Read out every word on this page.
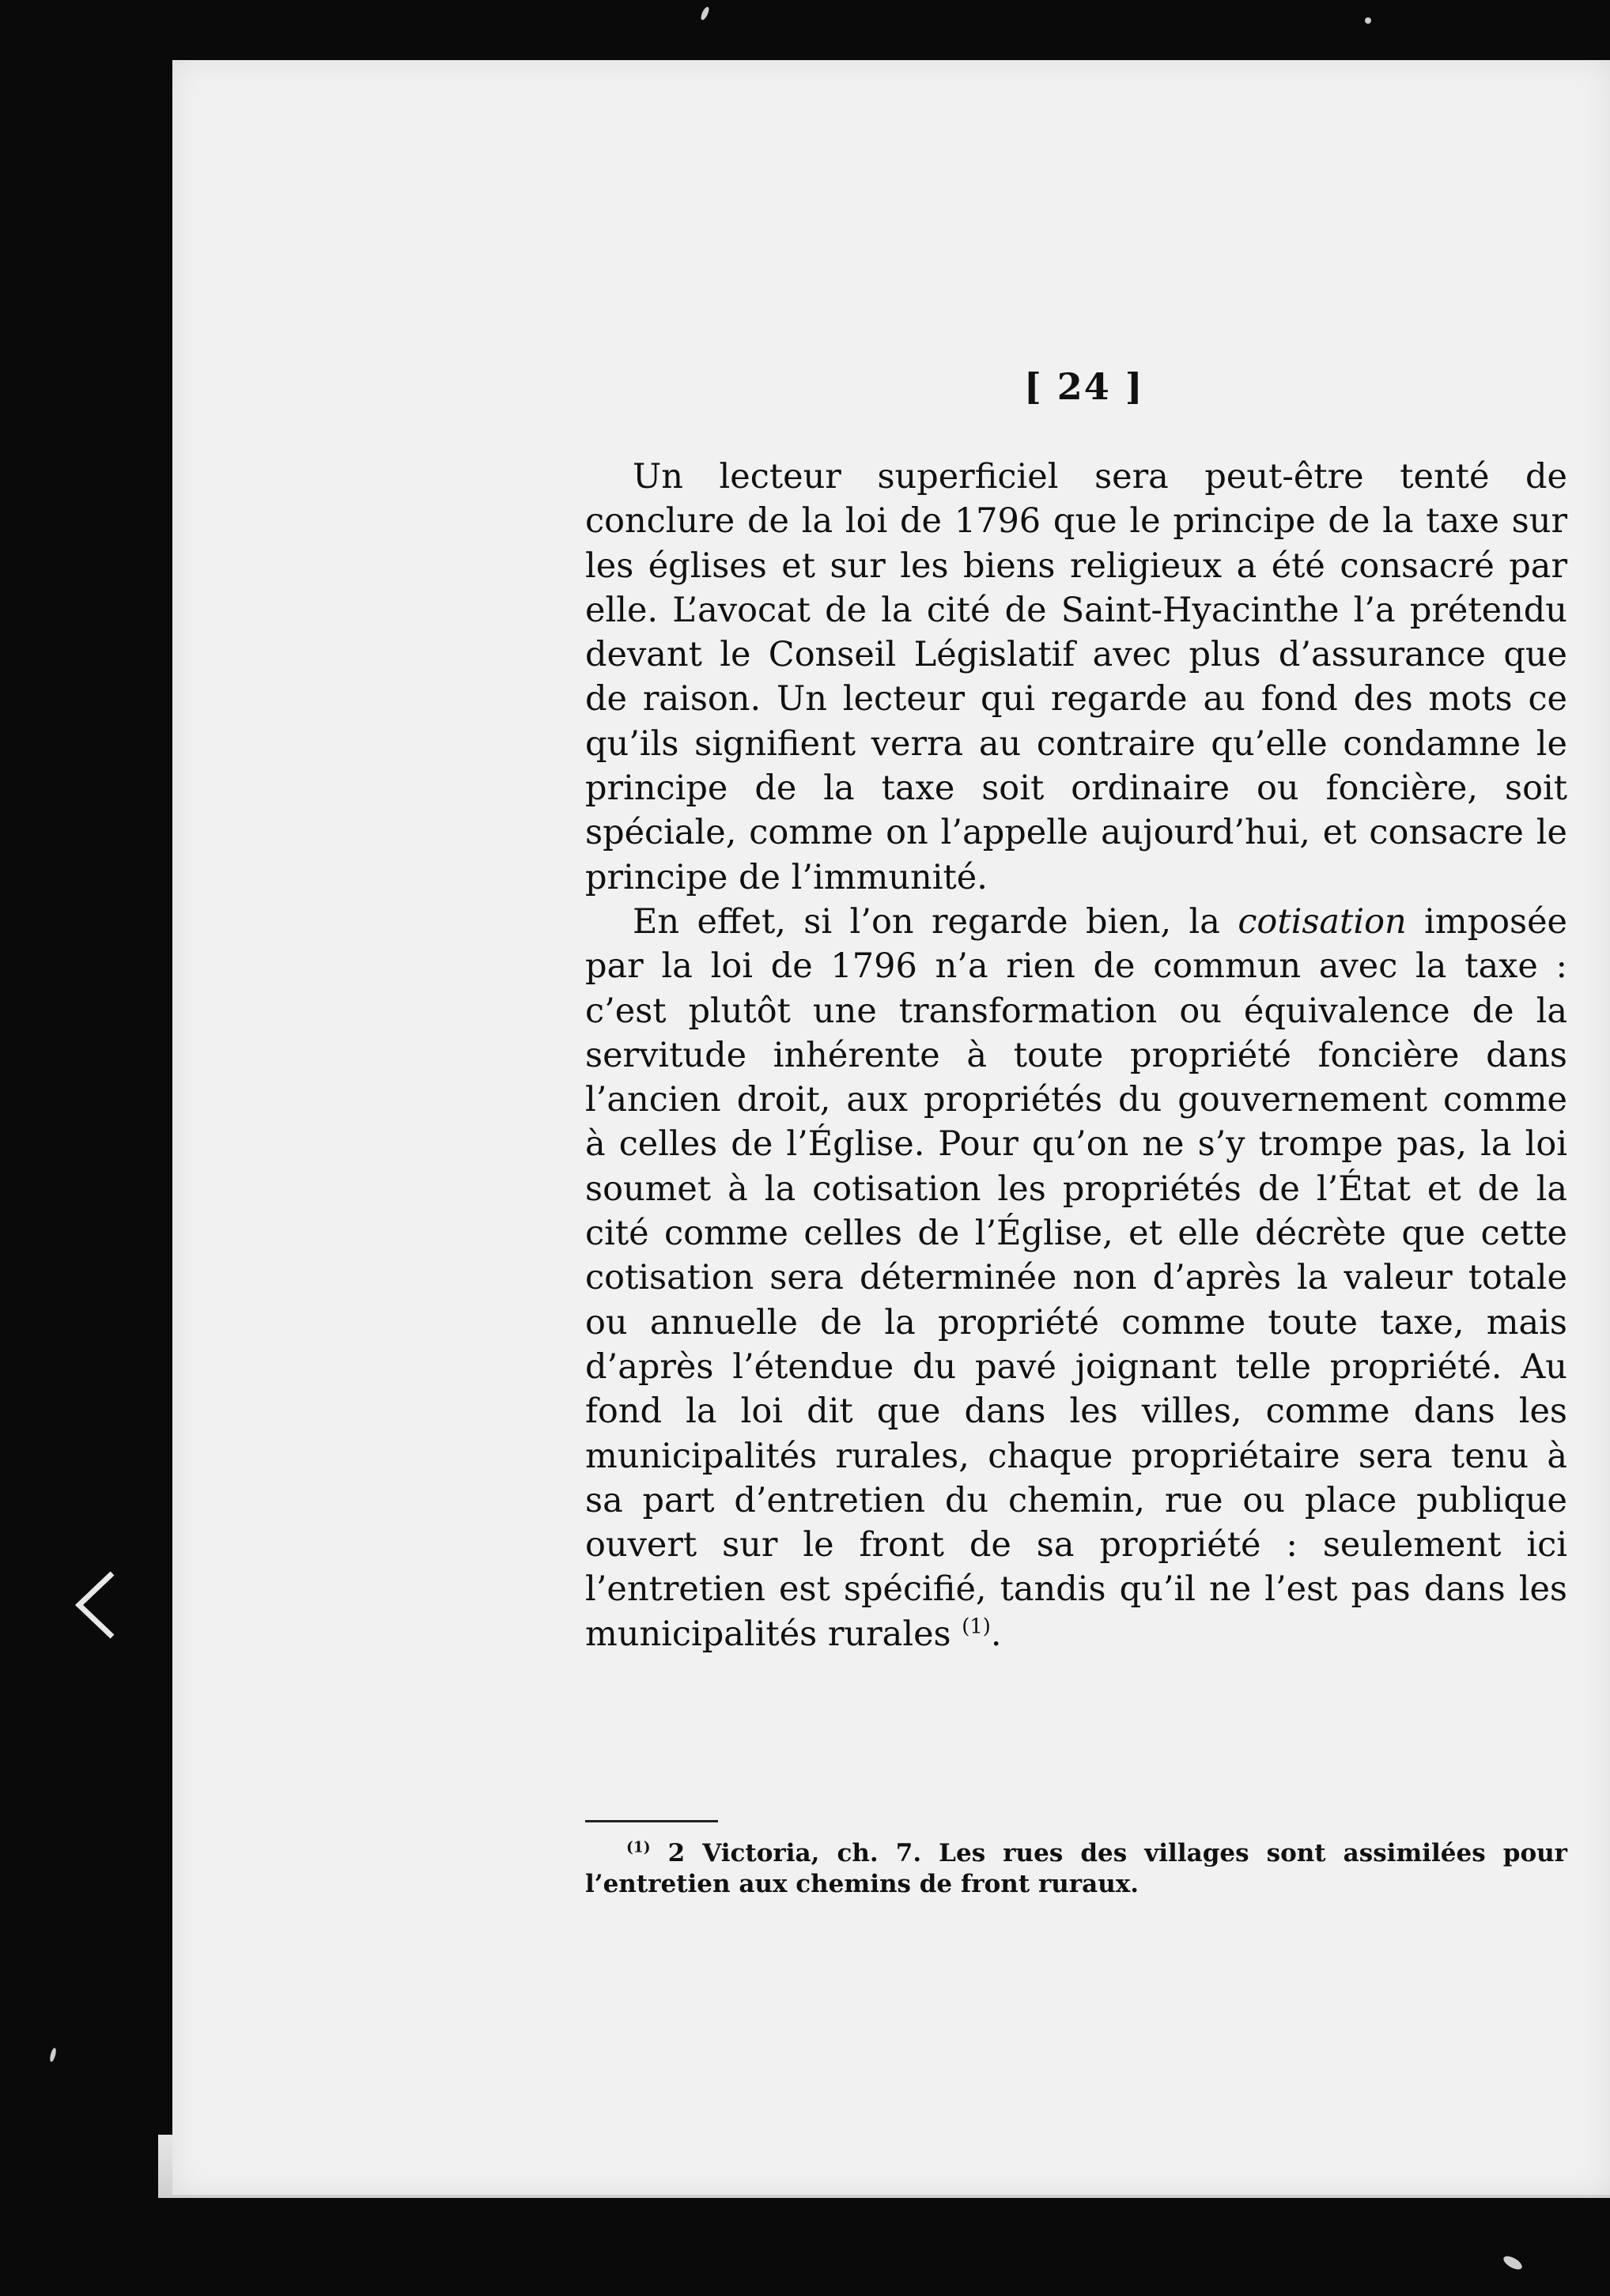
[ 24 ]

Un lecteur superficiel sera peut-être tenté de conclure de la loi de 1796 que le principe de la taxe sur les églises et sur les biens religieux a été consacré par elle. L’avocat de la cité de Saint-Hyacinthe l’a prétendu devant le Conseil Législatif avec plus d’assurance que de raison. Un lecteur qui regarde au fond des mots ce qu’ils signifient verra au contraire qu’elle condamne le principe de la taxe soit ordinaire ou foncière, soit spéciale, comme on l’appelle aujourd’hui, et consacre le principe de l’immunité.

En effet, si l’on regarde bien, la cotisation imposée par la loi de 1796 n’a rien de commun avec la taxe : c’est plutôt une transformation ou équivalence de la servitude inhérente à toute propriété foncière dans l’ancien droit, aux propriétés du gouvernement comme à celles de l’Église. Pour qu’on ne s’y trompe pas, la loi soumet à la cotisation les propriétés de l’État et de la cité comme celles de l’Église, et elle décrète que cette cotisation sera déterminée non d’après la valeur totale ou annuelle de la propriété comme toute taxe, mais d’après l’étendue du pavé joignant telle propriété. Au fond la loi dit que dans les villes, comme dans les municipalités rurales, chaque propriétaire sera tenu à sa part d’entretien du chemin, rue ou place publique ouvert sur le front de sa propriété : seulement ici l’entretien est spécifié, tandis qu’il ne l’est pas dans les municipalités rurales $^{(1)}$.

$^{(1)}$ 2 Victoria, ch. 7. Les rues des villages sont assimilées pour l’entretien aux chemins de front ruraux.
